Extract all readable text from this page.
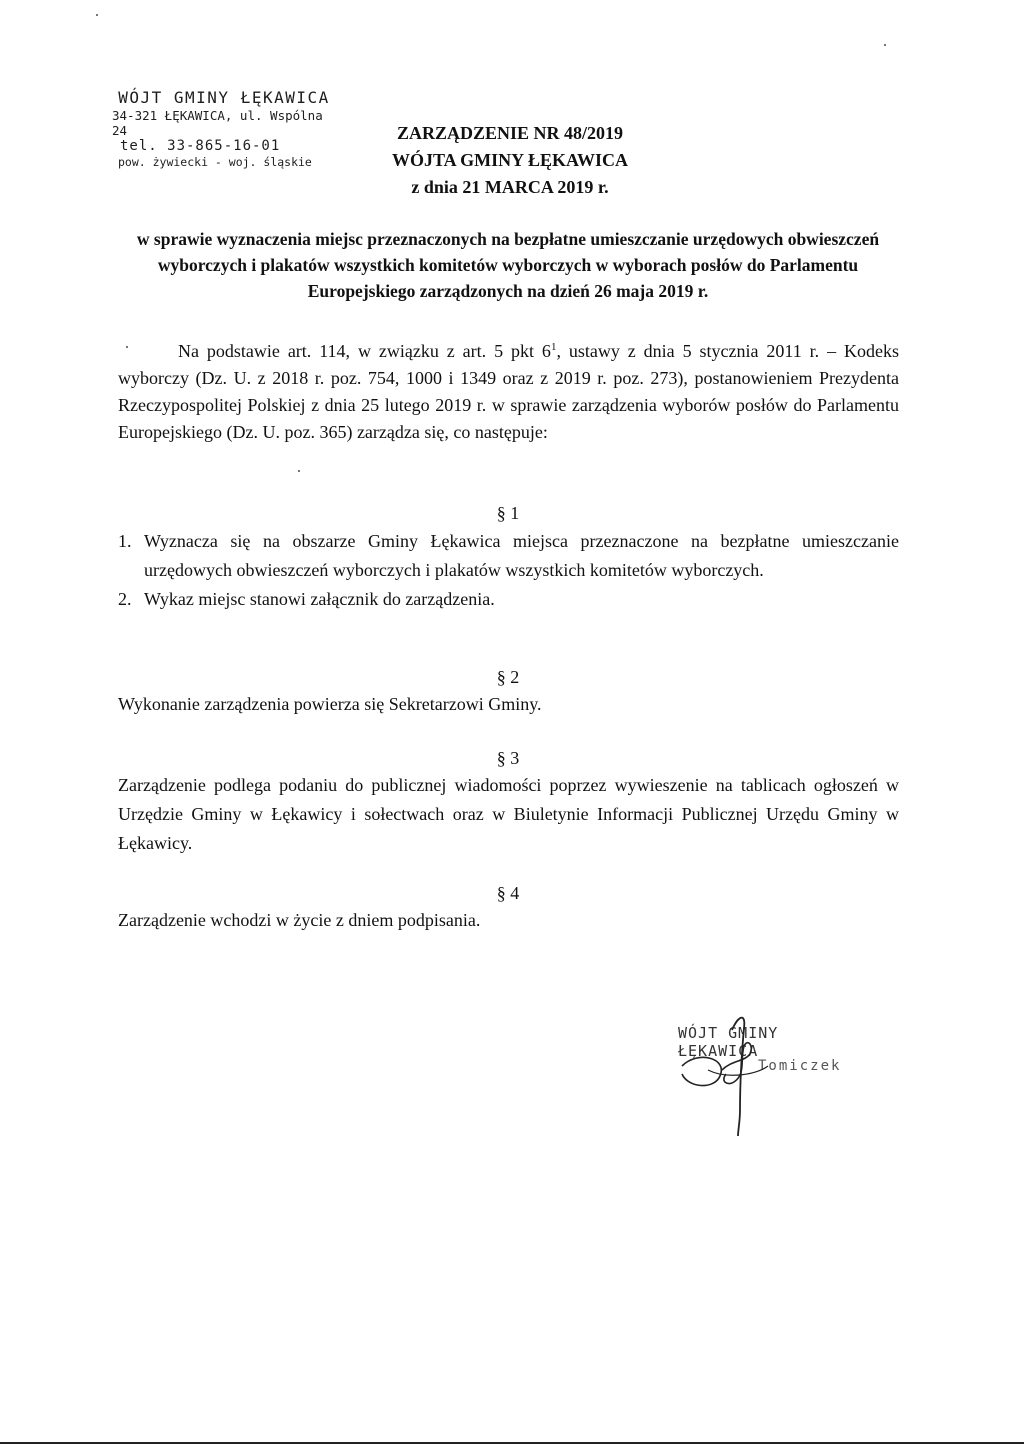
WÓJT GMINY ŁĘKAWICA
34-321 ŁĘKAWICA, ul. Wspólna 24
tel. 33-865-16-01
pow. żywiecki - woj. śląskie
ZARZĄDZENIE NR 48/2019
WÓJTA GMINY ŁĘKAWICA
z dnia 21 MARCA 2019 r.
w sprawie wyznaczenia miejsc przeznaczonych na bezpłatne umieszczanie urzędowych obwieszczeń wyborczych i plakatów wszystkich komitetów wyborczych w wyborach posłów do Parlamentu Europejskiego zarządzonych na dzień 26 maja 2019 r.
Na podstawie art. 114, w związku z art. 5 pkt $6^1$, ustawy z dnia 5 stycznia 2011 r. – Kodeks wyborczy (Dz. U. z 2018 r. poz. 754, 1000 i 1349 oraz z 2019 r. poz. 273), postanowieniem Prezydenta Rzeczypospolitej Polskiej z dnia 25 lutego 2019 r. w sprawie zarządzenia wyborów posłów do Parlamentu Europejskiego (Dz. U. poz. 365) zarządza się, co następuje:
§ 1
1. Wyznacza się na obszarze Gminy Łękawica miejsca przeznaczone na bezpłatne umieszczanie urzędowych obwieszczeń wyborczych i plakatów wszystkich komitetów wyborczych.
2. Wykaz miejsc stanowi załącznik do zarządzenia.
§ 2
Wykonanie zarządzenia powierza się Sekretarzowi Gminy.
§ 3
Zarządzenie podlega podaniu do publicznej wiadomości poprzez wywieszenie na tablicach ogłoszeń w Urzędzie Gminy w Łękawicy i sołectwach oraz w Biuletynie Informacji Publicznej Urzędu Gminy w Łękawicy.
§ 4
Zarządzenie wchodzi w życie z dniem podpisania.
WÓJT GMINY ŁĘKAWICA
Tomiczek
